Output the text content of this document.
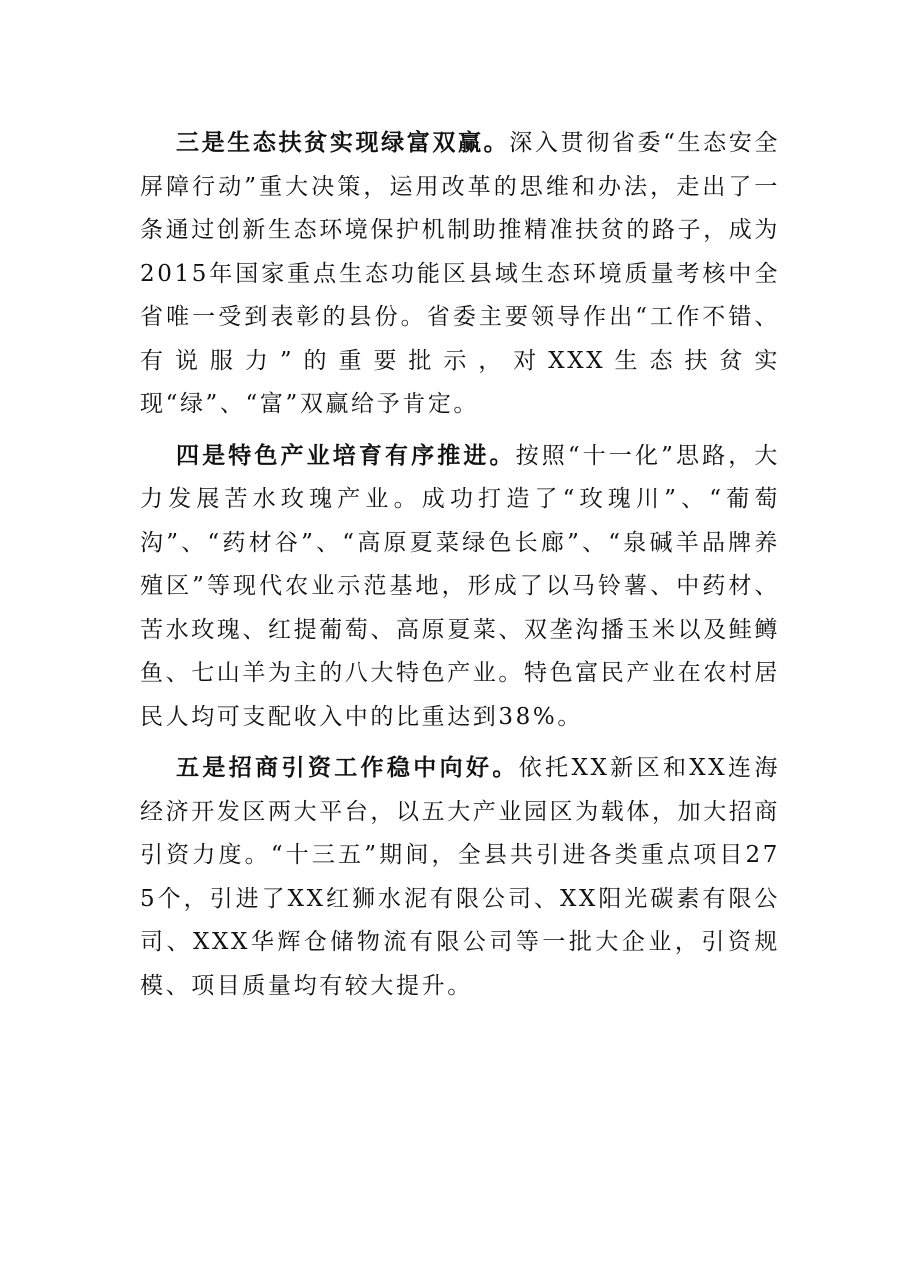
三是生态扶贫实现绿富双赢。深入贯彻省委“生态安全屏障行动”重大决策，运用改革的思维和办法，走出了一条通过创新生态环境保护机制助推精准扶贫的路子，成为2015年国家重点生态功能区县域生态环境质量考核中全省唯一受到表彰的县份。省委主要领导作出“工作不错、有说服力”的重要批示，对XXX生态扶贫实现“绿”、“富”双赢给予肯定。

四是特色产业培育有序推进。按照“十一化”思路，大力发展苦水玫瑰产业。成功打造了“玫瑰川”、“葡萄沟”、“药材谷”、“高原夏菜绿色长廊”、“泉碱羊品牌养殖区”等现代农业示范基地，形成了以马铃薯、中药材、苦水玫瑰、红提葡萄、高原夏菜、双垄沟播玉米以及鲑鳟鱼、七山羊为主的八大特色产业。特色富民产业在农村居民人均可支配收入中的比重达到38%。

五是招商引资工作稳中向好。依托XX新区和XX连海经济开发区两大平台，以五大产业园区为载体，加大招商引资力度。“十三五”期间，全县共引进各类重点项目275个，引进了XX红狮水泥有限公司、XX阳光碳素有限公司、XXX华辉仓储物流有限公司等一批大企业，引资规模、项目质量均有较大提升。
